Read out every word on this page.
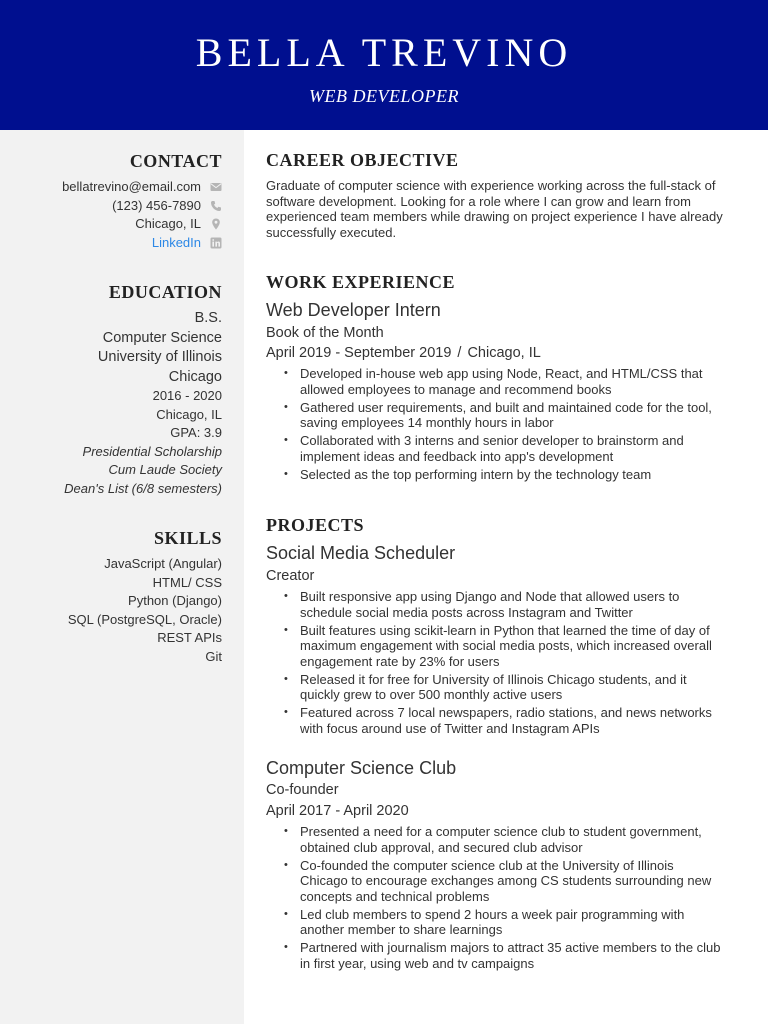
BELLA TREVINO
WEB DEVELOPER
CONTACT
bellatrevino@email.com
(123) 456-7890
Chicago, IL
LinkedIn
EDUCATION
B.S.
Computer Science
University of Illinois
Chicago
2016 - 2020
Chicago, IL
GPA: 3.9
Presidential Scholarship
Cum Laude Society
Dean's List (6/8 semesters)
SKILLS
JavaScript (Angular)
HTML/ CSS
Python (Django)
SQL (PostgreSQL, Oracle)
REST APIs
Git
CAREER OBJECTIVE
Graduate of computer science with experience working across the full-stack of software development. Looking for a role where I can grow and learn from experienced team members while drawing on project experience I have already successfully executed.
WORK EXPERIENCE
Web Developer Intern
Book of the Month
April 2019 - September 2019 / Chicago, IL
• Developed in-house web app using Node, React, and HTML/CSS that allowed employees to manage and recommend books
• Gathered user requirements, and built and maintained code for the tool, saving employees 14 monthly hours in labor
• Collaborated with 3 interns and senior developer to brainstorm and implement ideas and feedback into app's development
• Selected as the top performing intern by the technology team
PROJECTS
Social Media Scheduler
Creator
• Built responsive app using Django and Node that allowed users to schedule social media posts across Instagram and Twitter
• Built features using scikit-learn in Python that learned the time of day of maximum engagement with social media posts, which increased overall engagement rate by 23% for users
• Released it for free for University of Illinois Chicago students, and it quickly grew to over 500 monthly active users
• Featured across 7 local newspapers, radio stations, and news networks with focus around use of Twitter and Instagram APIs
Computer Science Club
Co-founder
April 2017 - April 2020
• Presented a need for a computer science club to student government, obtained club approval, and secured club advisor
• Co-founded the computer science club at the University of Illinois Chicago to encourage exchanges among CS students surrounding new concepts and technical problems
• Led club members to spend 2 hours a week pair programming with another member to share learnings
• Partnered with journalism majors to attract 35 active members to the club in first year, using web and tv campaigns
